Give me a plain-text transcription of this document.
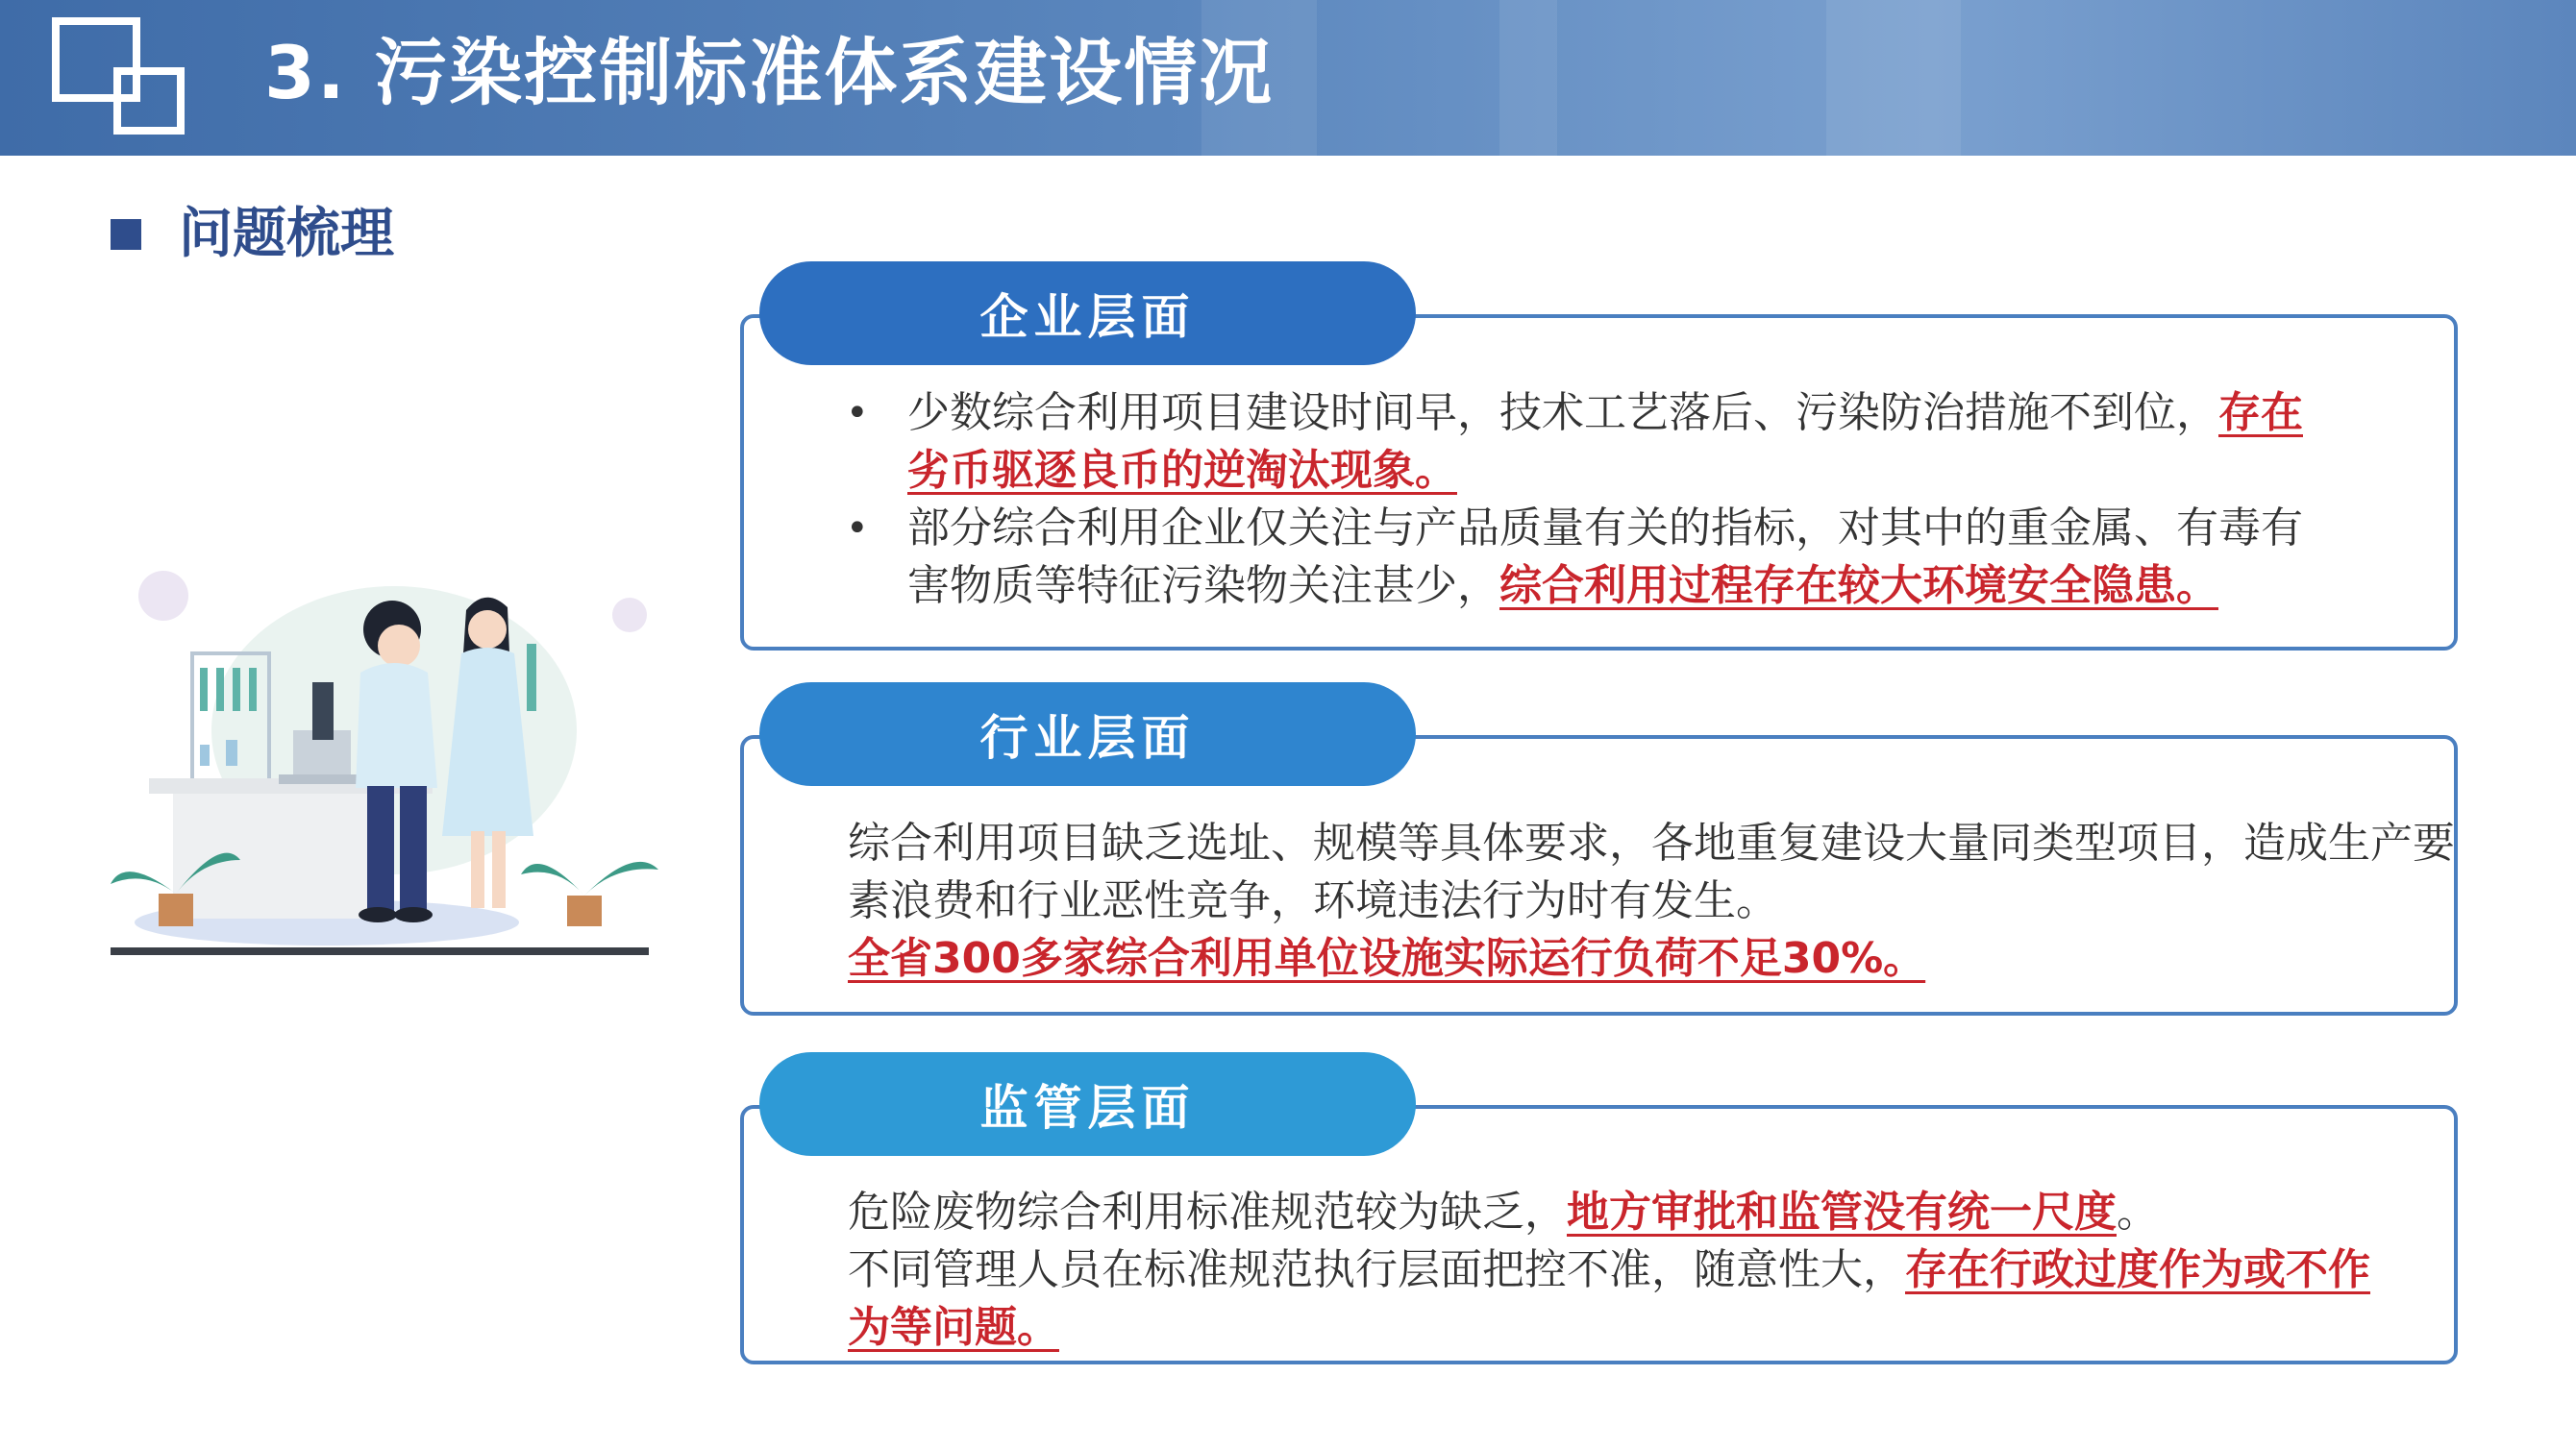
3. 污染控制标准体系建设情况
问题梳理
企业层面
• 少数综合利用项目建设时间早，技术工艺落后、污染防治措施不到位，存在
劣币驱逐良币的逆淘汰现象。
• 部分综合利用企业仅关注与产品质量有关的指标，对其中的重金属、有毒有
害物质等特征污染物关注甚少，综合利用过程存在较大环境安全隐患。
行业层面
综合利用项目缺乏选址、规模等具体要求，各地重复建设大量同类型项目，造成生产要
素浪费和行业恶性竞争，环境违法行为时有发生。
全省300多家综合利用单位设施实际运行负荷不足30%。
监管层面
危险废物综合利用标准规范较为缺乏，地方审批和监管没有统一尺度。
不同管理人员在标准规范执行层面把控不准，随意性大，存在行政过度作为或不作
为等问题。
